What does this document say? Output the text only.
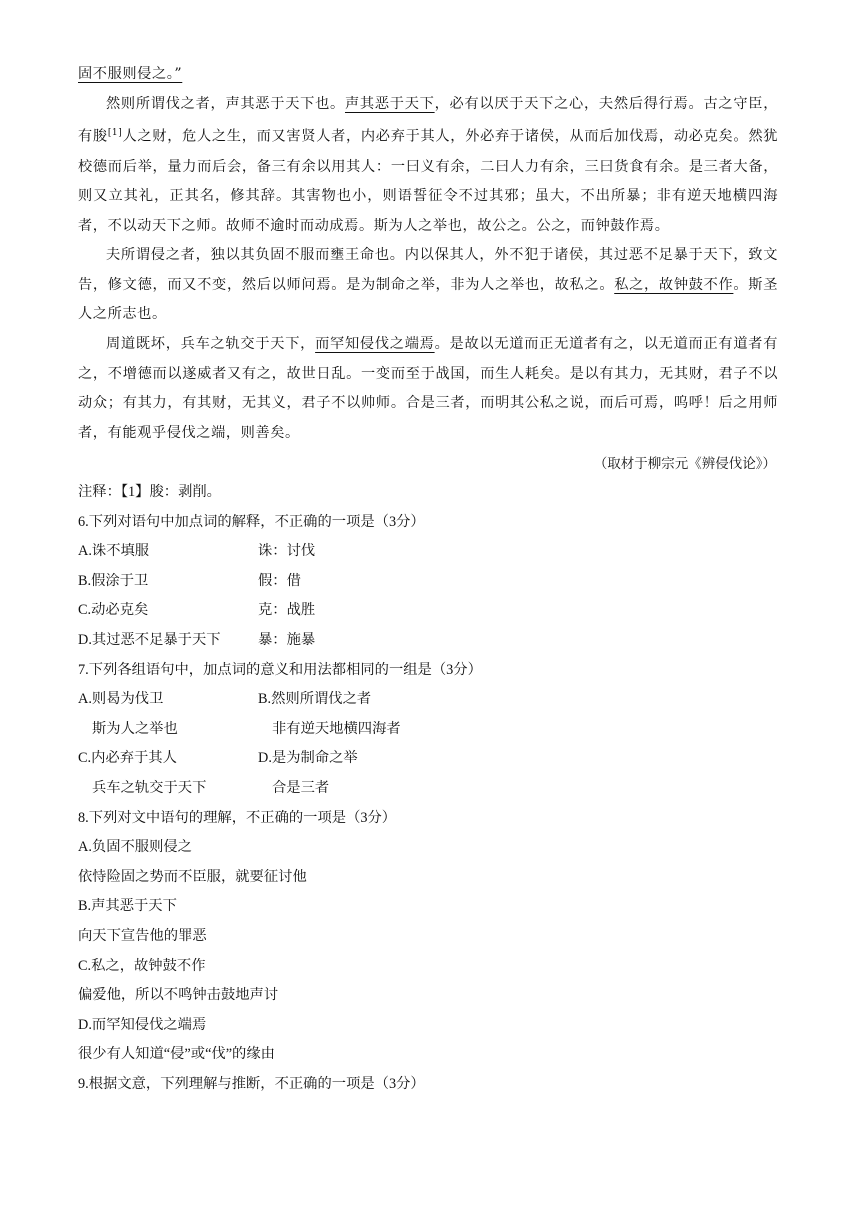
固不服则侵之。”

然则所谓伐之者，声其恶于天下也。声其恶于天下，必有以厌于天下之心，夫然后得行焉。古之守臣，有朘[1]人之财，危人之生，而又害贤人者，内必弃于其人，外必弃于诸侯，从而后加伐焉，动必克矣。然犹校德而后举，量力而后会，备三有余以用其人：一曰义有余，二曰人力有余，三曰货食有余。是三者大备，则又立其礼，正其名，修其辞。其害物也小，则语誓征令不过其邪；虽大，不出所暴；非有逆天地横四海者，不以动天下之师。故师不逾时而动成焉。斯为人之举也，故公之。公之，而钟鼓作焉。

夫所谓侵之者，独以其负固不服而壅王命也。内以保其人，外不犯于诸侯，其过恶不足暴于天下，致文告，修文德，而又不变，然后以师问焉。是为制命之举，非为人之举也，故私之。私之，故钟鼓不作。斯圣人之所志也。

周道既坏，兵车之轨交于天下，而罕知侵伐之端焉。是故以无道而正无道者有之，以无道而正有道者有之，不增德而以遂威者又有之，故世日乱。一变而至于战国，而生人耗矣。是以有其力，无其财，君子不以动众；有其力，有其财，无其义，君子不以帅师。合是三者，而明其公私之说，而后可焉，呜呼！后之用师者，有能观乎侵伐之端，则善矣。

（取材于柳宗元《辨侵伐论》）
注释：【1】朘：剥削。
6.下列对语句中加点词的解释，不正确的一项是（3分）
A.诛不填服	诛：讨伐
B.假涂于卫	假：借
C.动必克矣	克：战胜
D.其过恶不足暴于天下	暴：施暴
7.下列各组语句中，加点词的意义和用法都相同的一组是（3分）
A.则曷为伐卫	B.然则所谓伐之者
斯为人之举也	非有逆天地横四海者
C.内必弃于其人	D.是为制命之举
兵车之轨交于天下	合是三者
8.下列对文中语句的理解，不正确的一项是（3分）
A.负固不服则侵之
依恃险固之势而不臣服，就要征讨他
B.声其恶于天下
向天下宣告他的罪恶
C.私之，故钟鼓不作
偏爱他，所以不鸣钟击鼓地声讨
D.而罕知侵伐之端焉
很少有人知道“侵”或“伐”的缘由
9.根据文意，下列理解与推断，不正确的一项是（3分）
